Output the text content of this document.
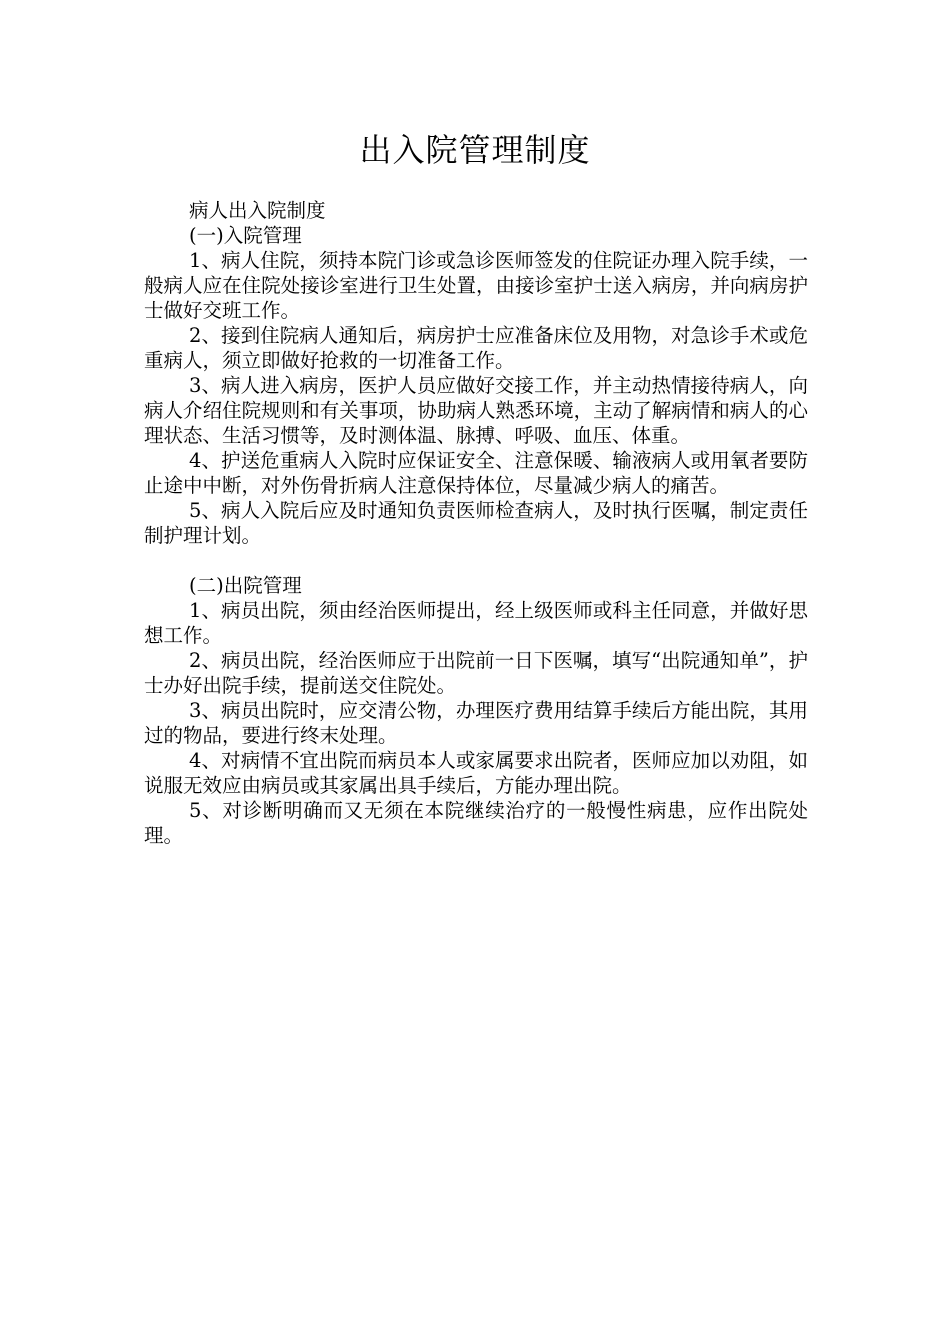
出入院管理制度

病人出入院制度

(一)入院管理

1、病人住院，须持本院门诊或急诊医师签发的住院证办理入院手续，一般病人应在住院处接诊室进行卫生处置，由接诊室护士送入病房，并向病房护士做好交班工作。

2、接到住院病人通知后，病房护士应准备床位及用物，对急诊手术或危重病人，须立即做好抢救的一切准备工作。

3、病人进入病房，医护人员应做好交接工作，并主动热情接待病人，向病人介绍住院规则和有关事项，协助病人熟悉环境，主动了解病情和病人的心理状态、生活习惯等，及时测体温、脉搏、呼吸、血压、体重。

4、护送危重病人入院时应保证安全、注意保暖、输液病人或用氧者要防止途中中断，对外伤骨折病人注意保持体位，尽量减少病人的痛苦。

5、病人入院后应及时通知负责医师检查病人，及时执行医嘱，制定责任制护理计划。

(二)出院管理

1、病员出院，须由经治医师提出，经上级医师或科主任同意，并做好思想工作。

2、病员出院，经治医师应于出院前一日下医嘱，填写“出院通知单”，护士办好出院手续，提前送交住院处。

3、病员出院时，应交清公物，办理医疗费用结算手续后方能出院，其用过的物品，要进行终末处理。

4、对病情不宜出院而病员本人或家属要求出院者，医师应加以劝阻，如说服无效应由病员或其家属出具手续后，方能办理出院。

5、对诊断明确而又无须在本院继续治疗的一般慢性病患，应作出院处理。
